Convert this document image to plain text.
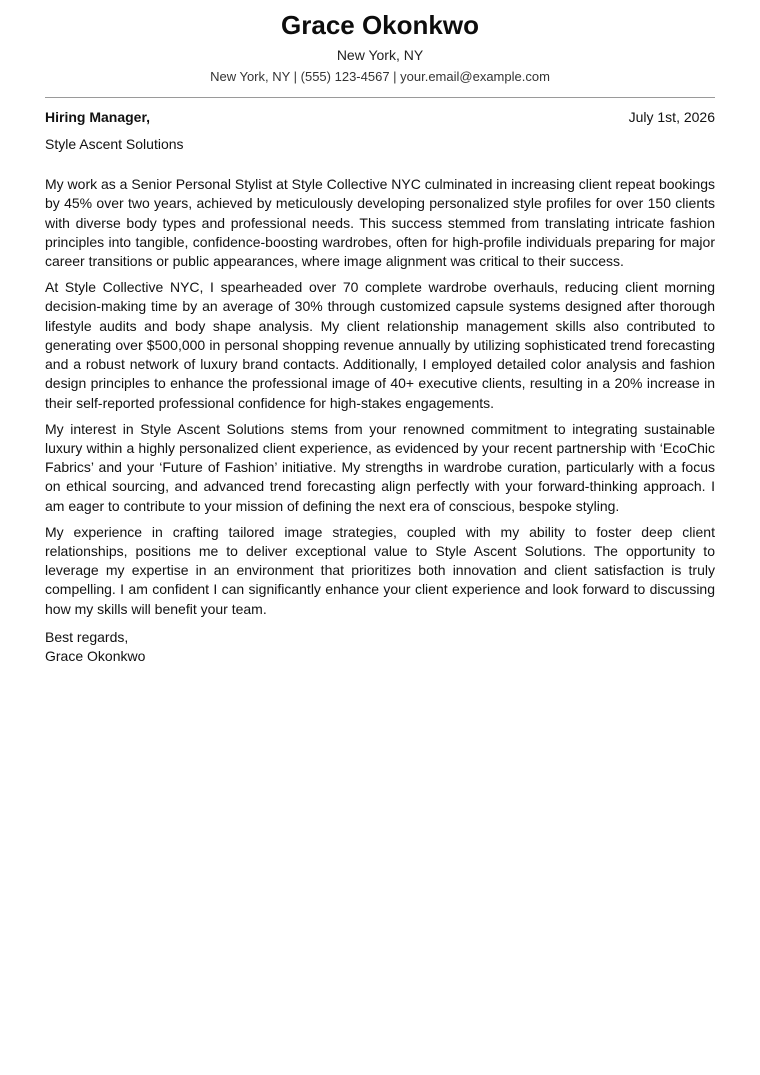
Grace Okonkwo
New York, NY
New York, NY | (555) 123-4567 | your.email@example.com
Hiring Manager,	July 1st, 2026
Style Ascent Solutions

My work as a Senior Personal Stylist at Style Collective NYC culminated in increasing client repeat bookings by 45% over two years, achieved by meticulously developing personalized style profiles for over 150 clients with diverse body types and professional needs. This success stemmed from translating intricate fashion principles into tangible, confidence-boosting wardrobes, often for high-profile individuals preparing for major career transitions or public appearances, where image alignment was critical to their success.

At Style Collective NYC, I spearheaded over 70 complete wardrobe overhauls, reducing client morning decision-making time by an average of 30% through customized capsule systems designed after thorough lifestyle audits and body shape analysis. My client relationship management skills also contributed to generating over $500,000 in personal shopping revenue annually by utilizing sophisticated trend forecasting and a robust network of luxury brand contacts. Additionally, I employed detailed color analysis and fashion design principles to enhance the professional image of 40+ executive clients, resulting in a 20% increase in their self-reported professional confidence for high-stakes engagements.

My interest in Style Ascent Solutions stems from your renowned commitment to integrating sustainable luxury within a highly personalized client experience, as evidenced by your recent partnership with ‘EcoChic Fabrics’ and your ‘Future of Fashion’ initiative. My strengths in wardrobe curation, particularly with a focus on ethical sourcing, and advanced trend forecasting align perfectly with your forward-thinking approach. I am eager to contribute to your mission of defining the next era of conscious, bespoke styling.

My experience in crafting tailored image strategies, coupled with my ability to foster deep client relationships, positions me to deliver exceptional value to Style Ascent Solutions. The opportunity to leverage my expertise in an environment that prioritizes both innovation and client satisfaction is truly compelling. I am confident I can significantly enhance your client experience and look forward to discussing how my skills will benefit your team.

Best regards,
Grace Okonkwo
